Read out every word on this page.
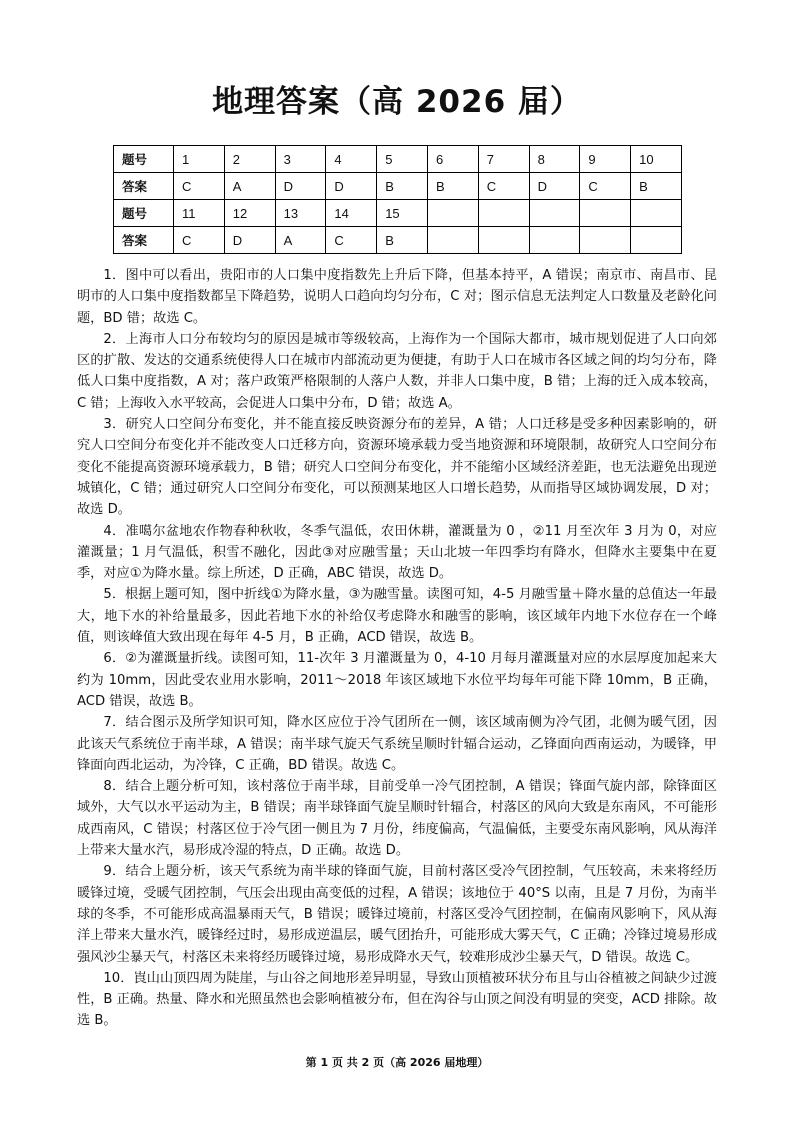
地理答案（高 2026 届）
题号	1	2	3	4	5	6	7	8	9	10
答案	C	A	D	D	B	B	C	D	C	B
题号	11	12	13	14	15					
答案	C	D	A	C	B					

1．图中可以看出，贵阳市的人口集中度指数先上升后下降，但基本持平，A 错误；南京市、南昌市、昆明市的人口集中度指数都呈下降趋势，说明人口趋向均匀分布，C 对；图示信息无法判定人口数量及老龄化问题，BD 错；故选 C。

2．上海市人口分布较均匀的原因是城市等级较高，上海作为一个国际大都市，城市规划促进了人口向郊区的扩散、发达的交通系统使得人口在城市内部流动更为便捷，有助于人口在城市各区域之间的均匀分布，降低人口集中度指数，A 对；落户政策严格限制的人落户人数，并非人口集中度，B 错；上海的迁入成本较高，C 错；上海收入水平较高，会促进人口集中分布，D 错；故选 A。

3．研究人口空间分布变化，并不能直接反映资源分布的差异，A 错；人口迁移是受多种因素影响的，研究人口空间分布变化并不能改变人口迁移方向，资源环境承载力受当地资源和环境限制，故研究人口空间分布变化不能提高资源环境承载力，B 错；研究人口空间分布变化，并不能缩小区域经济差距，也无法避免出现逆城镇化，C 错；通过研究人口空间分布变化，可以预测某地区人口增长趋势，从而指导区域协调发展，D 对；故选 D。

4．准噶尔盆地农作物春种秋收，冬季气温低，农田休耕，灌溉量为 0 ，②11 月至次年 3 月为 0，对应灌溉量；1 月气温低，积雪不融化，因此③对应融雪量；天山北坡一年四季均有降水，但降水主要集中在夏季，对应①为降水量。综上所述，D 正确，ABC 错误，故选 D。

5．根据上题可知，图中折线①为降水量，③为融雪量。读图可知，4-5 月融雪量＋降水量的总值达一年最大，地下水的补给量最多，因此若地下水的补给仅考虑降水和融雪的影响，该区域年内地下水位存在一个峰值，则该峰值大致出现在每年 4-5 月，B 正确，ACD 错误，故选 B。

6．②为灌溉量折线。读图可知，11-次年 3 月灌溉量为 0，4-10 月每月灌溉量对应的水层厚度加起来大约为 10mm，因此受农业用水影响，2011～2018 年该区域地下水位平均每年可能下降 10mm，B 正确，ACD 错误，故选 B。

7．结合图示及所学知识可知，降水区应位于冷气团所在一侧，该区域南侧为冷气团，北侧为暖气团，因此该天气系统位于南半球，A 错误；南半球气旋天气系统呈顺时针辐合运动，乙锋面向西南运动，为暖锋，甲锋面向西北运动，为冷锋，C 正确，BD 错误。故选 C。

8．结合上题分析可知，该村落位于南半球，目前受单一冷气团控制，A 错误；锋面气旋内部，除锋面区域外，大气以水平运动为主，B 错误；南半球锋面气旋呈顺时针辐合，村落区的风向大致是东南风，不可能形成西南风，C 错误；村落区位于冷气团一侧且为 7 月份，纬度偏高，气温偏低，主要受东南风影响，风从海洋上带来大量水汽，易形成冷湿的特点，D 正确。故选 D。

9．结合上题分析，该天气系统为南半球的锋面气旋，目前村落区受冷气团控制，气压较高，未来将经历暖锋过境，受暖气团控制，气压会出现由高变低的过程，A 错误；该地位于 40°S 以南，且是 7 月份，为南半球的冬季，不可能形成高温暴雨天气，B 错误；暖锋过境前，村落区受冷气团控制，在偏南风影响下，风从海洋上带来大量水汽，暖锋经过时，易形成逆温层，暖气团抬升，可能形成大雾天气，C 正确；冷锋过境易形成强风沙尘暴天气，村落区未来将经历暖锋过境，易形成降水天气，较难形成沙尘暴天气，D 错误。故选 C。

10．崀山山顶四周为陡崖，与山谷之间地形差异明显，导致山顶植被环状分布且与山谷植被之间缺少过渡性，B 正确。热量、降水和光照虽然也会影响植被分布，但在沟谷与山顶之间没有明显的突变，ACD 排除。故选 B。

第 1 页 共 2 页（高 2026 届地理）
